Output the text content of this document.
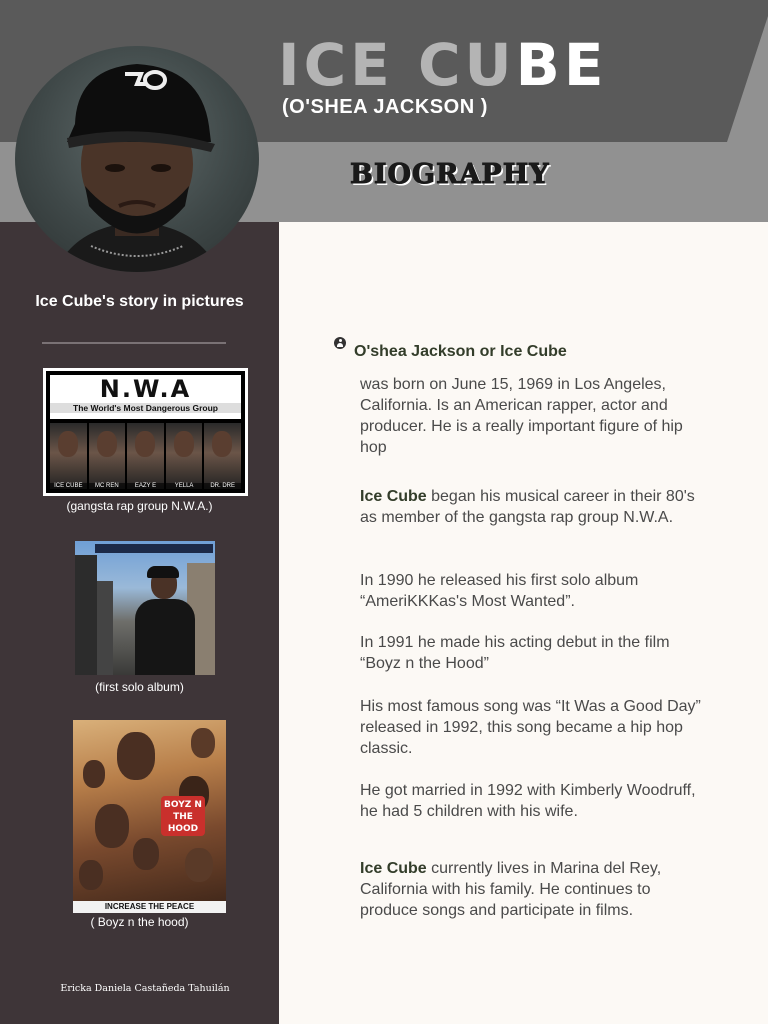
ICE CUBE
(O'SHEA JACKSON )
BIOGRAPHY
Ice Cube's story in pictures
N.W.A
The World's Most Dangerous Group
ICE CUBE	MC REN	EAZY E	YELLA	DR. DRE
(gangsta rap group N.W.A.)
(first solo album)
BOYZ N THE HOOD
INCREASE THE PEACE
( Boyz n the hood)
Ericka Daniela Castañeda Tahuilán
O'shea Jackson or Ice Cube
was born on June 15, 1969 in Los Angeles, California. Is an American rapper, actor and producer. He is a really important figure of hip hop
Ice Cube began his musical career in their 80's as member of the gangsta rap group N.W.A.
In 1990 he released his first solo album “AmeriKKKas's Most Wanted”.
In 1991 he made his acting debut in the film “Boyz n the Hood”
His most famous song was “It Was a Good Day” released in 1992, this song became a hip hop classic.
He got married in 1992 with Kimberly Woodruff, he had 5 children with his wife.
Ice Cube currently lives in Marina del Rey, California with his family. He continues to produce songs and participate in films.
